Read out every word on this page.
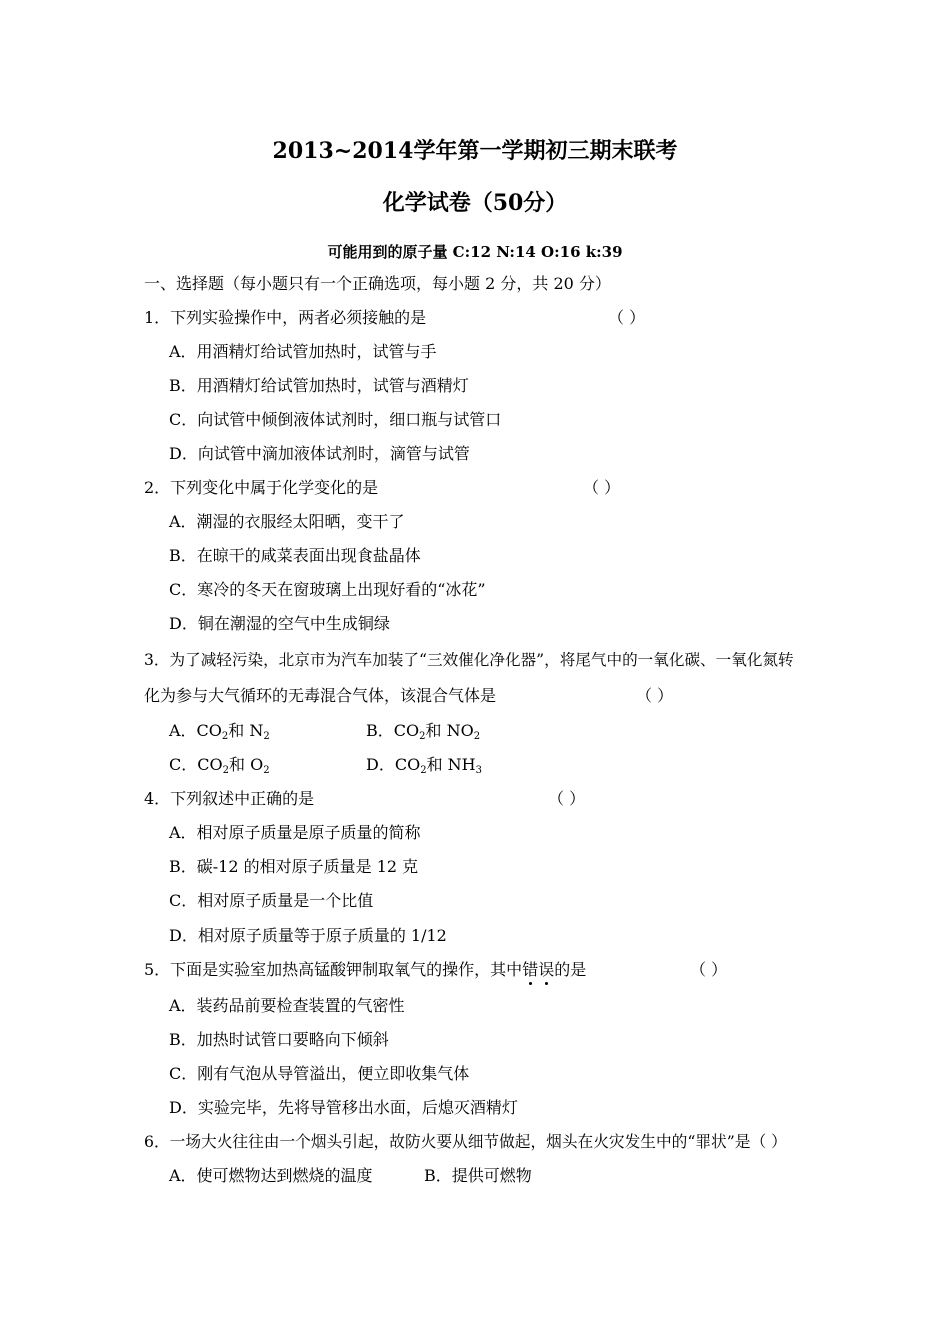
2013~2014学年第一学期初三期末联考
化学试卷（50分）
可能用到的原子量 C:12 N:14 O:16 k:39
一、选择题（每小题只有一个正确选项，每小题 2 分，共 20 分）
1．下列实验操作中，两者必须接触的是	（ ）
A．用酒精灯给试管加热时，试管与手
B．用酒精灯给试管加热时，试管与酒精灯
C．向试管中倾倒液体试剂时，细口瓶与试管口
D．向试管中滴加液体试剂时，滴管与试管
2．下列变化中属于化学变化的是	（ ）
A．潮湿的衣服经太阳晒，变干了
B．在晾干的咸菜表面出现食盐晶体
C．寒冷的冬天在窗玻璃上出现好看的“冰花”
D．铜在潮湿的空气中生成铜绿
3．为了减轻污染，北京市为汽车加装了“三效催化净化器”，将尾气中的一氧化碳、一氧化氮转
化为参与大气循环的无毒混合气体，该混合气体是	（ ）
A．$CO_2$和 $N_2$	B．$CO_2$和 $NO_2$
C．$CO_2$和 $O_2$	D．$CO_2$和 $NH_3$
4．下列叙述中正确的是	（ ）
A．相对原子质量是原子质量的简称
B．碳-12 的相对原子质量是 12 克
C．相对原子质量是一个比值
D．相对原子质量等于原子质量的 1/12
5．下面是实验室加热高锰酸钾制取氧气的操作，其中错误的是	（ ）
A．装药品前要检查装置的气密性
B．加热时试管口要略向下倾斜
C．刚有气泡从导管溢出，便立即收集气体
D．实验完毕，先将导管移出水面，后熄灭酒精灯
6．一场大火往往由一个烟头引起，故防火要从细节做起，烟头在火灾发生中的“罪状”是（ ）
A．使可燃物达到燃烧的温度	B．提供可燃物
